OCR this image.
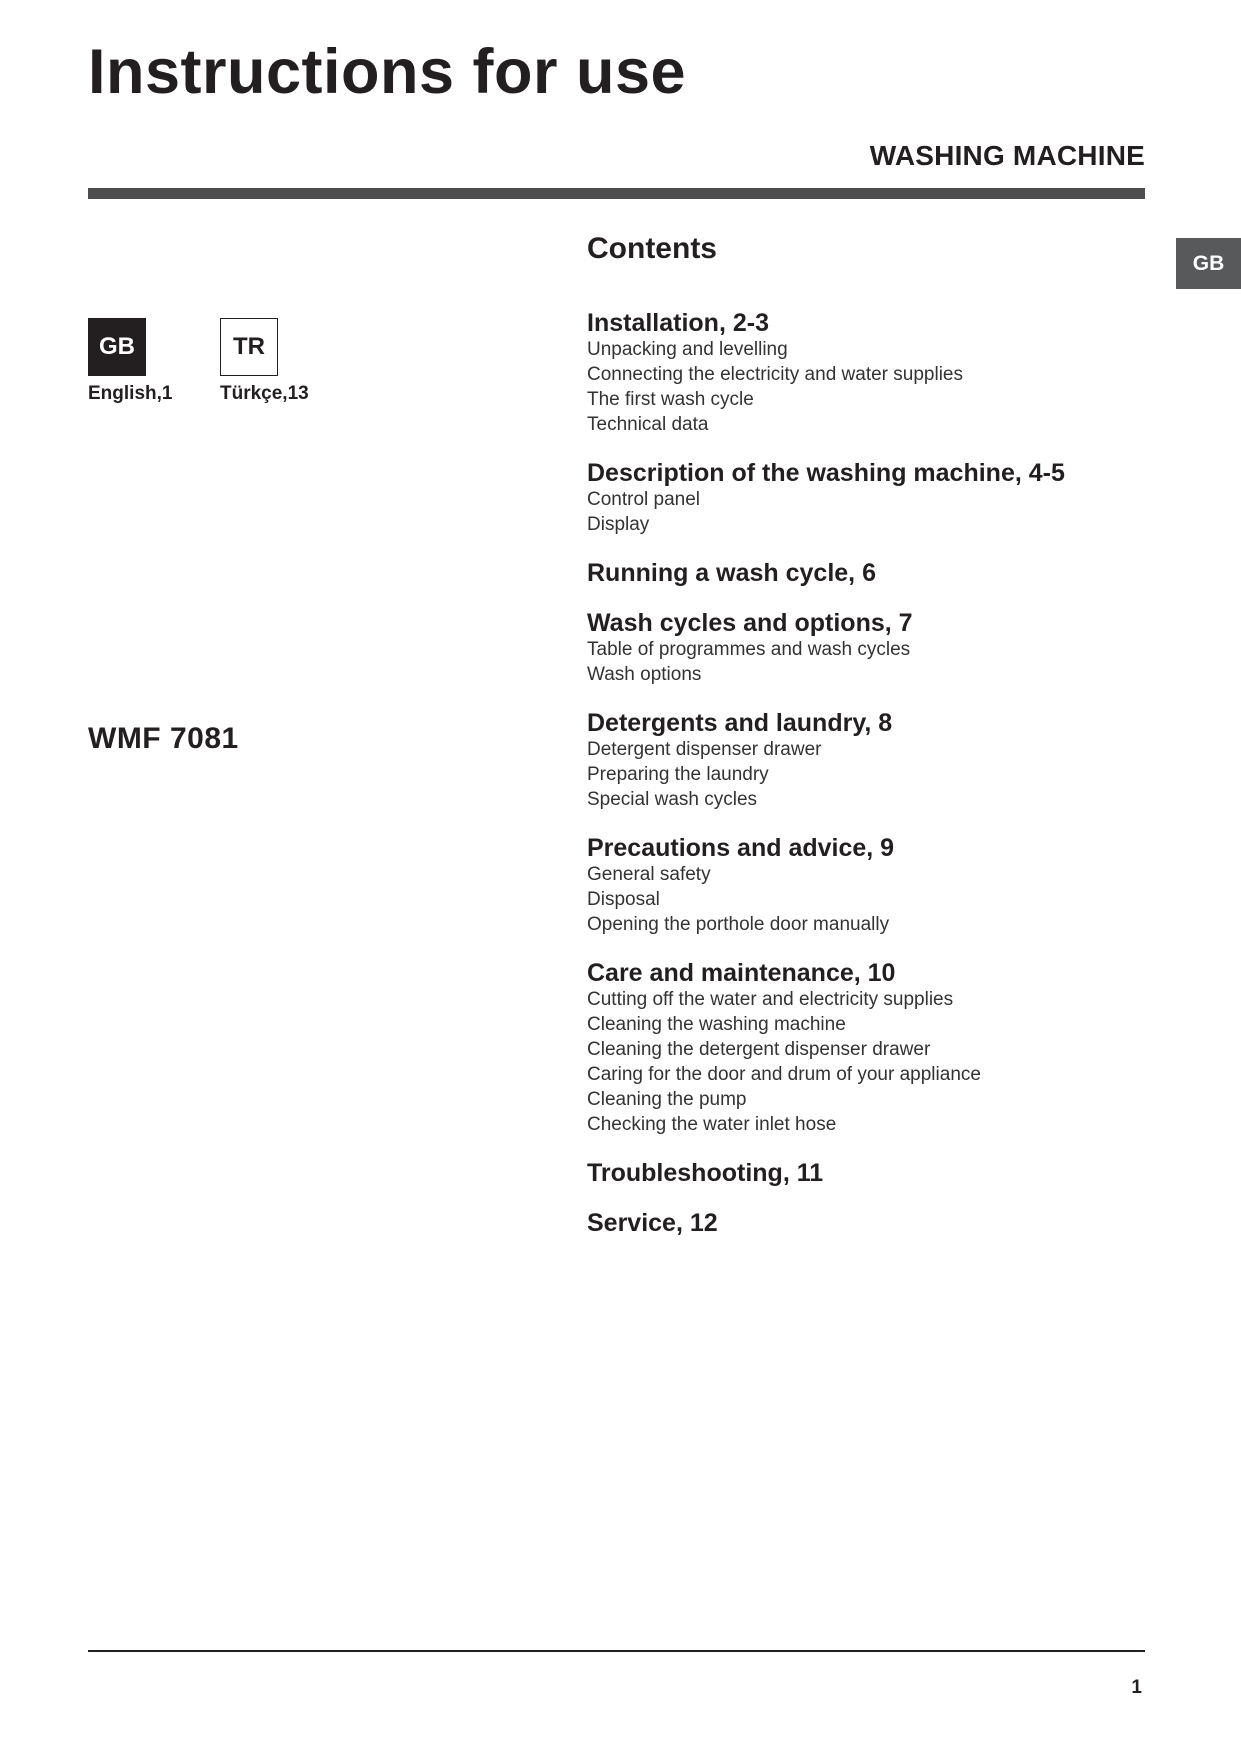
Instructions for use
WASHING MACHINE
GB
GB
English,1
TR
Türkçe,13
WMF 7081
Contents
Installation, 2-3
Unpacking and levelling
Connecting the electricity and water supplies
The first wash cycle
Technical data
Description of the washing machine, 4-5
Control panel
Display
Running a wash cycle, 6
Wash cycles and options, 7
Table of programmes and wash cycles
Wash options
Detergents and laundry, 8
Detergent dispenser drawer
Preparing the laundry
Special wash cycles
Precautions and advice, 9
General safety
Disposal
Opening the porthole door manually
Care and maintenance, 10
Cutting off the water and electricity supplies
Cleaning the washing machine
Cleaning the detergent dispenser drawer
Caring for the door and drum of your appliance
Cleaning the pump
Checking the water inlet hose
Troubleshooting, 11
Service, 12
1
